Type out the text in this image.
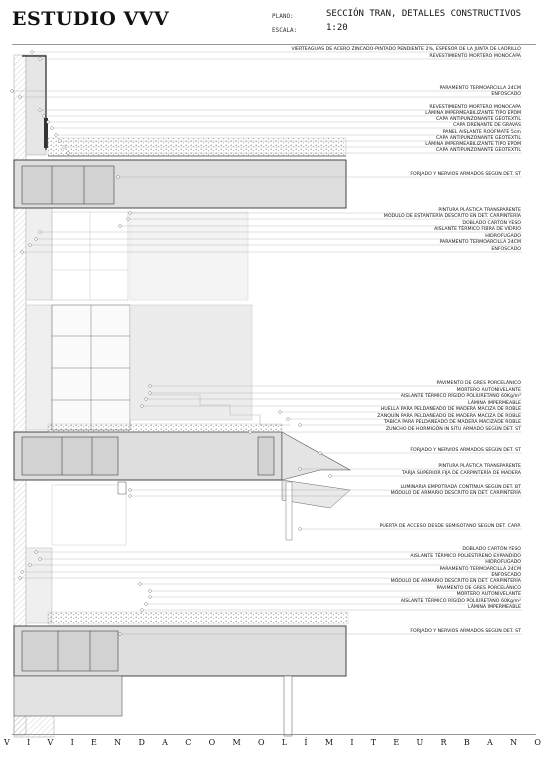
ESTUDIO VVV	PLANO:	SECCIÓN TRAN, DETALLES CONSTRUCTIVOS
ESCALA:	1:20
VIERTEAGUAS DE ACERO ZINCADO-PINTADO PENDIENTE 2%, ESPESOR DE LA JUNTA DE LADRILLO
REVESTIMIENTO MORTERO MONOCAPA
PARAMENTO TERMOARCILLA 24CM
ENFOSCADO
REVESTIMIENTO MORTERO MONOCAPA
LÁMINA IMPERMEABILIZANTE TIPO EPDM
CAPA ANTIPUNZONANTE GEOTEXTIL
CAPA DRENANTE DE GRAVAS
PANEL AISLANTE ROOFMATE 5cm
CAPA ANTIPUNZONANTE GEOTEXTIL
LÁMINA IMPERMEABILIZANTE TIPO EPDM
CAPA ANTIPUNZONANTE GEOTEXTIL
FORJADO Y NERVIOS ARMADOS SEGÚN DET. ST
PINTURA PLÁSTICA TRANSPARENTE
MÓDULO DE ESTANTERÍA DESCRITO EN DET. CARPINTERÍA
DOBLADO CARTÓN YESO
AISLANTE TÉRMICO FIBRA DE VIDRIO
HIDROFUGADO
PARAMENTO TERMOARCILLA 24CM
ENFOSCADO
PAVIMENTO DE GRES PORCELÁNICO
MORTERO AUTONIVELANTE
AISLANTE TÉRMICO RÍGIDO POLIURETANO 60Kg/m²
LÁMINA IMPERMEABLE
HUELLA PARA PELDAÑEADO DE MADERA MACIZA DE ROBLE
ZANQUÍN PARA PELDAÑEADO DE MADERA MACIZA DE ROBLE
TABICA PARA PELDAÑEADO DE MADERA MACIZADE ROBLE
ZUNCHO DE HORMIGÓN IN SITU ARMADO SEGÚN DET. ST
FORJADO Y NERVIOS ARMADOS SEGÚN DET. ST
PINTURA PLÁSTICA TRANSPARENTE
TARJA SUPERIOR FIJA DE CARPINTERÍA DE MADERA
LUMINARIA EMPOTRADA CONTÍNUA SEGÚN DET. BT
MÓDULO DE ARMARIO DESCRITO EN DET. CARPINTERÍA
PUERTA DE ACCESO DESDE SEMISÓTANO SEGÚN DET. CARP.
DOBLADO CARTÓN YESO
AISLANTE TÉRMICO POLIESTIRENO EXPANDIDO
HIDROFUGADO
PARAMENTO TERMOARCILLA 24CM
ENFOSCADO
MÓDULO DE ARMARIO DESCRITO EN DET. CARPINTERÍA
PAVIMENTO DE GRES PORCELÁNICO
MORTERO AUTONIVELANTE
AISLANTE TÉRMICO RÍGIDO POLIURETANO 60Kg/m²
LÁMINA IMPERMEABLE
FORJADO Y NERVIOS ARMADOS SEGÚN DET. ST
V I V I E N D A C O M O L Í M I T E U R B A N O
